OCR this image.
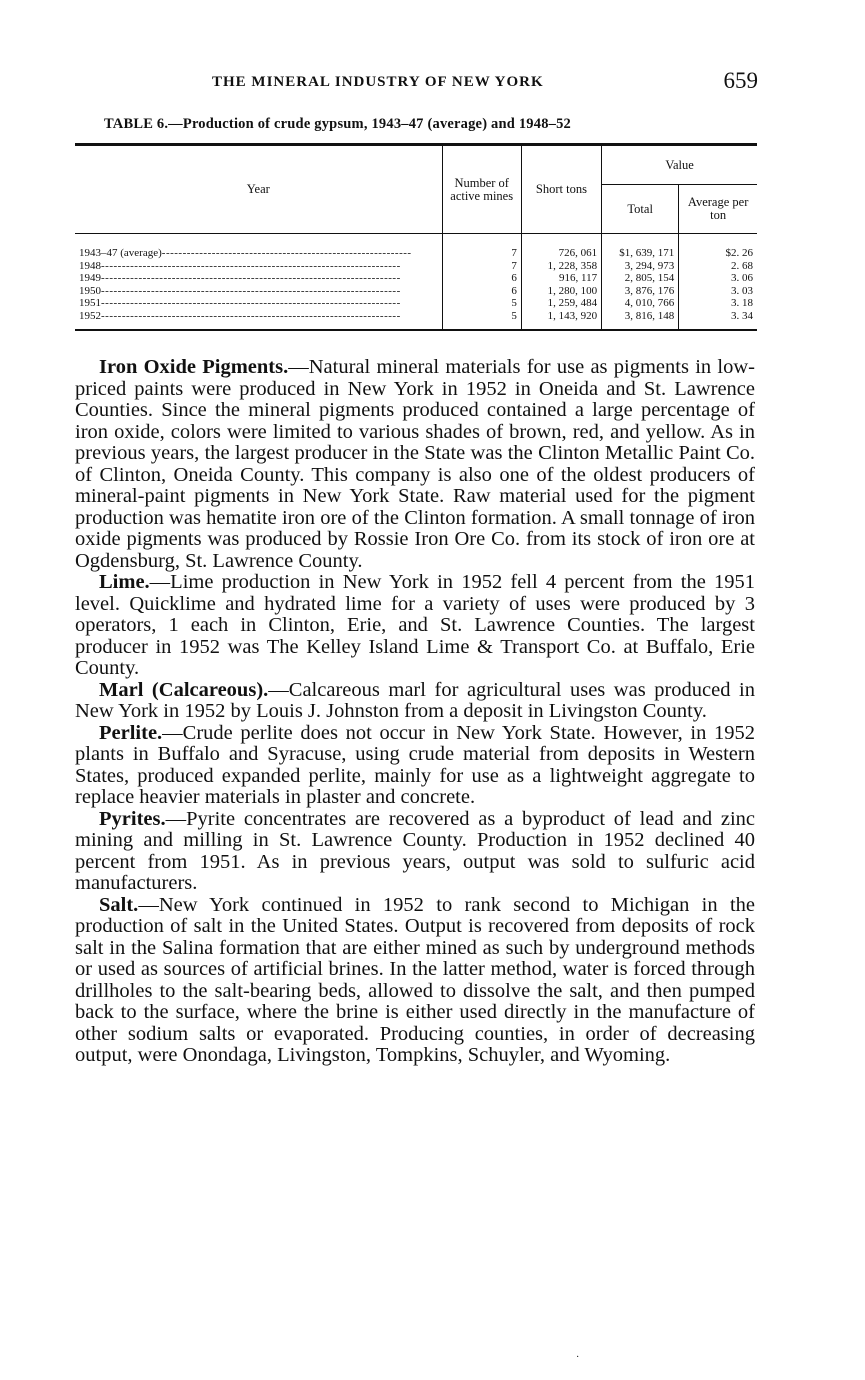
THE MINERAL INDUSTRY OF NEW YORK	659
TABLE 6.—Production of crude gypsum, 1943–47 (average) and 1948–52
Year	Number of active mines	Short tons	Value	
			Total	Average per ton
1943–47 (average)------------------------------------------------------------	7	726, 061	$1, 639, 171	$2. 26
1948------------------------------------------------------------------------	7	1, 228, 358	3, 294, 973	2. 68
1949------------------------------------------------------------------------	6	916, 117	2, 805, 154	3. 06
1950------------------------------------------------------------------------	6	1, 280, 100	3, 876, 176	3. 03
1951------------------------------------------------------------------------	5	1, 259, 484	4, 010, 766	3. 18
1952------------------------------------------------------------------------	5	1, 143, 920	3, 816, 148	3. 34

Iron Oxide Pigments.—Natural mineral materials for use as pigments in low-priced paints were produced in New York in 1952 in Oneida and St. Lawrence Counties. Since the mineral pigments produced contained a large percentage of iron oxide, colors were limited to various shades of brown, red, and yellow. As in previous years, the largest producer in the State was the Clinton Metallic Paint Co. of Clinton, Oneida County. This company is also one of the oldest producers of mineral-paint pigments in New York State. Raw material used for the pigment production was hematite iron ore of the Clinton formation. A small tonnage of iron oxide pigments was produced by Rossie Iron Ore Co. from its stock of iron ore at Ogdensburg, St. Lawrence County.

Lime.—Lime production in New York in 1952 fell 4 percent from the 1951 level. Quicklime and hydrated lime for a variety of uses were produced by 3 operators, 1 each in Clinton, Erie, and St. Lawrence Counties. The largest producer in 1952 was The Kelley Island Lime & Transport Co. at Buffalo, Erie County.

Marl (Calcareous).—Calcareous marl for agricultural uses was produced in New York in 1952 by Louis J. Johnston from a deposit in Livingston County.

Perlite.—Crude perlite does not occur in New York State. However, in 1952 plants in Buffalo and Syracuse, using crude material from deposits in Western States, produced expanded perlite, mainly for use as a lightweight aggregate to replace heavier materials in plaster and concrete.

Pyrites.—Pyrite concentrates are recovered as a byproduct of lead and zinc mining and milling in St. Lawrence County. Production in 1952 declined 40 percent from 1951. As in previous years, output was sold to sulfuric acid manufacturers.

Salt.—New York continued in 1952 to rank second to Michigan in the production of salt in the United States. Output is recovered from deposits of rock salt in the Salina formation that are either mined as such by underground methods or used as sources of artificial brines. In the latter method, water is forced through drillholes to the salt-bearing beds, allowed to dissolve the salt, and then pumped back to the surface, where the brine is either used directly in the manufacture of other sodium salts or evaporated. Producing counties, in order of decreasing output, were Onondaga, Livingston, Tompkins, Schuyler, and Wyoming.

·
